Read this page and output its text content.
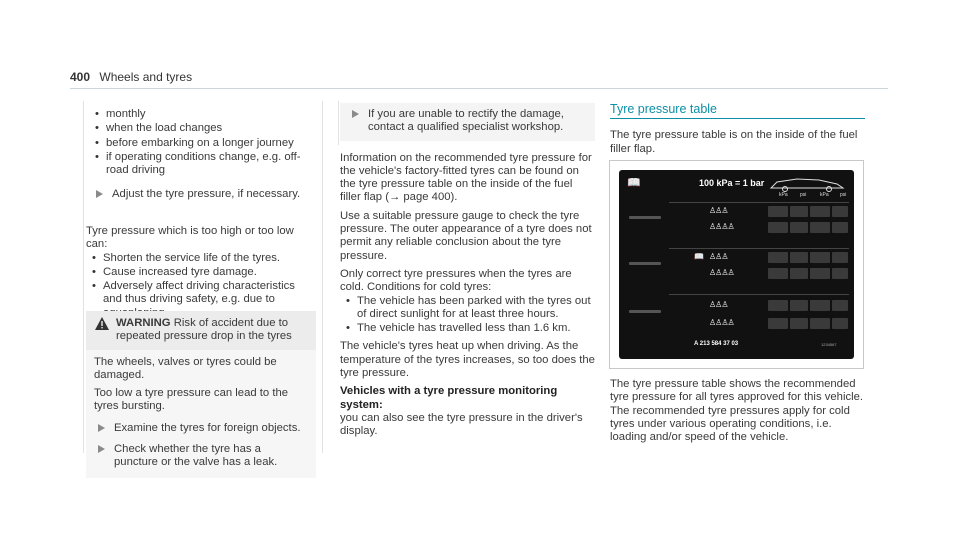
400 Wheels and tyres
• monthly
• when the load changes
• before embarking on a longer journey
• if operating conditions change, e.g. off-road driving
Adjust the tyre pressure, if necessary.

Tyre pressure which is too high or too low can:

• Shorten the service life of the tyres.
• Cause increased tyre damage.
• Adversely affect driving characteristics and thus driving safety, e.g. due to
WARNING Risk of accident due to repeated pressure drop in the tyres

The wheels, valves or tyres could be damaged.

Too low a tyre pressure can lead to the tyres bursting.

Examine the tyres for foreign objects.
Check whether the tyre has a puncture or the valve has a leak.
If you are unable to rectify the damage, contact a qualified specialist workshop.

Information on the recommended tyre pressure for the vehicle's factory-fitted tyres can be found on the tyre pressure table on the inside of the fuel filler flap (→ page 400).

Use a suitable pressure gauge to check the tyre pressure. The outer appearance of a tyre does not permit any reliable conclusion about the tyre pressure.

Only correct tyre pressures when the tyres are cold. Conditions for cold tyres:

• The vehicle has been parked with the tyres out of direct sunlight for at least three hours.
• The vehicle has travelled less than 1.6 km.

The vehicle's tyres heat up when driving. As the temperature of the tyres increases, so too does the tyre pressure.

Vehicles with a tyre pressure monitoring system:

you can also see the tyre pressure in the driver's display.

Tyre pressure table

The tyre pressure table is on the inside of the fuel filler flap.

📖	100 kPa = 1 bar
kPa psi	kPa psi
♙♙♙
♙♙♙♙
📖 ♙♙♙
♙♙♙♙
♙♙♙
♙♙♙♙
A 213 584 37 03	1234567

The tyre pressure table shows the recommended tyre pressure for all tyres approved for this vehicle. The recommended tyre pressures apply for cold tyres under various operating conditions, i.e. loading and/or speed of the vehicle.
